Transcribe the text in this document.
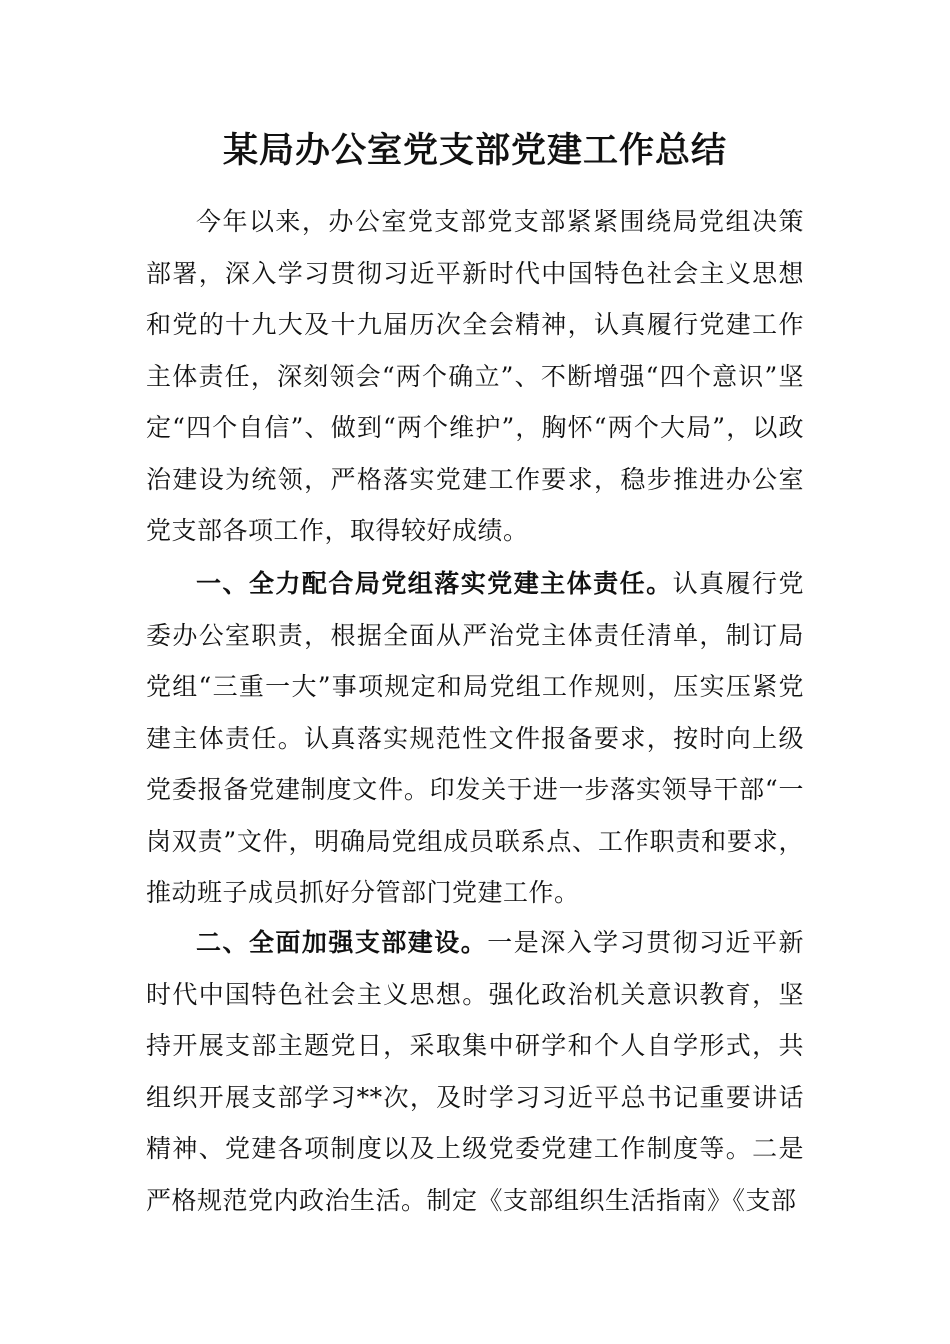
某局办公室党支部党建工作总结

今年以来，办公室党支部党支部紧紧围绕局党组决策部署，深入学习贯彻习近平新时代中国特色社会主义思想和党的十九大及十九届历次全会精神，认真履行党建工作主体责任，深刻领会“两个确立”、不断增强“四个意识”坚定“四个自信”、做到“两个维护”，胸怀“两个大局”，以政治建设为统领，严格落实党建工作要求，稳步推进办公室党支部各项工作，取得较好成绩。

一、全力配合局党组落实党建主体责任。认真履行党委办公室职责，根据全面从严治党主体责任清单，制订局党组“三重一大”事项规定和局党组工作规则，压实压紧党建主体责任。认真落实规范性文件报备要求，按时向上级党委报备党建制度文件。印发关于进一步落实领导干部“一岗双责”文件，明确局党组成员联系点、工作职责和要求，推动班子成员抓好分管部门党建工作。

二、全面加强支部建设。一是深入学习贯彻习近平新时代中国特色社会主义思想。强化政治机关意识教育，坚持开展支部主题党日，采取集中研学和个人自学形式，共组织开展支部学习**次，及时学习习近平总书记重要讲话精神、党建各项制度以及上级党委党建工作制度等。二是严格规范党内政治生活。制定《支部组织生活指南》《支部
